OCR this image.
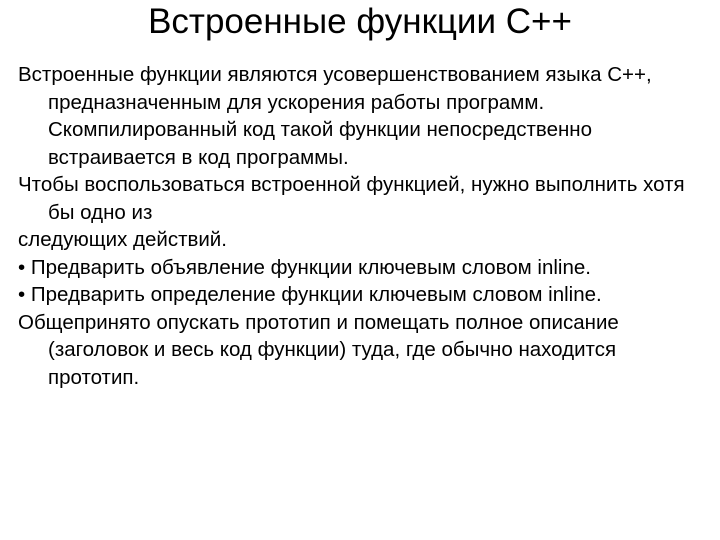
Встроенные функции С++

Встроенные функции являются усовершенствованием языка С++, предназначенным для ускорения работы программ. Скомпилированный код такой функции непосредственно встраивается в код программы.

Чтобы воспользоваться встроенной функцией, нужно выполнить хотя бы одно из

следующих действий.

• Предварить объявление функции ключевым словом inline.

• Предварить определение функции ключевым словом inline.

Общепринято опускать прототип и помещать полное описание (заголовок и весь код функции) туда, где обычно находится прототип.
